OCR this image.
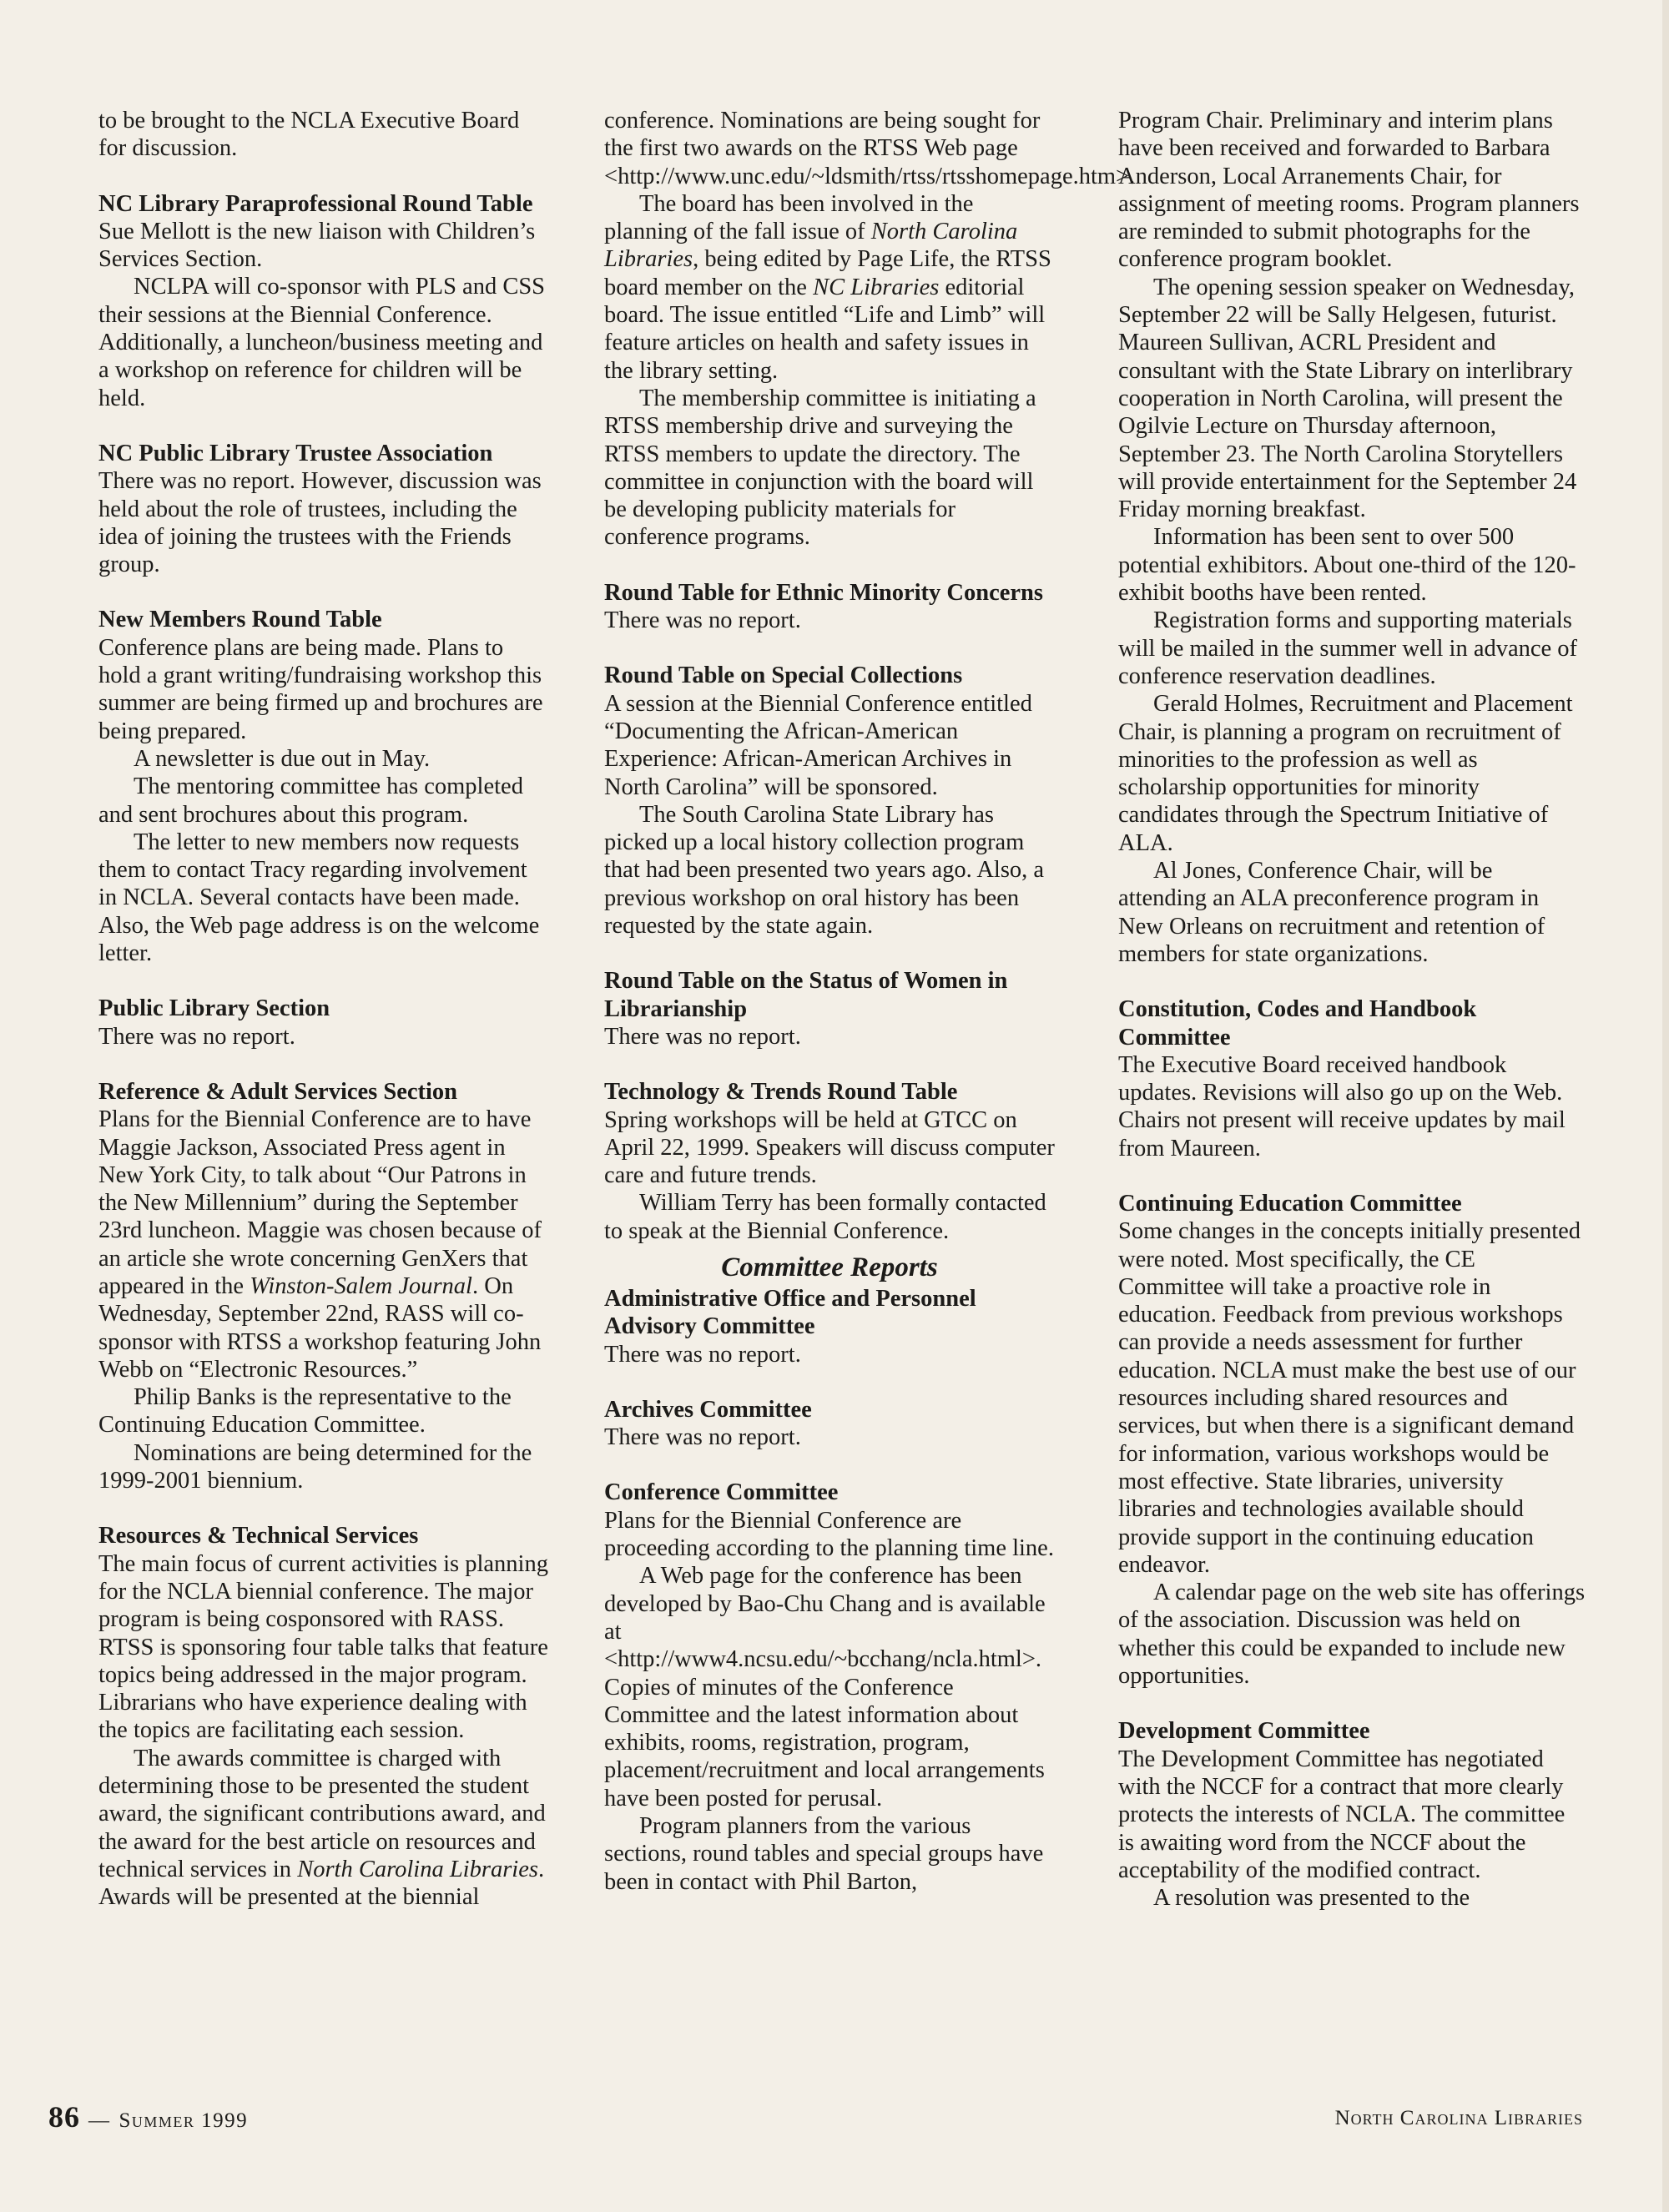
to be brought to the NCLA Executive Board for discussion.

NC Library Paraprofessional Round Table

Sue Mellott is the new liaison with Children’s Services Section.

NCLPA will co-sponsor with PLS and CSS their sessions at the Biennial Conference. Additionally, a luncheon/business meeting and a workshop on reference for children will be held.

NC Public Library Trustee Association

There was no report. However, discussion was held about the role of trustees, including the idea of joining the trustees with the Friends group.

New Members Round Table

Conference plans are being made. Plans to hold a grant writing/fundraising workshop this summer are being firmed up and brochures are being prepared.

A newsletter is due out in May.

The mentoring committee has completed and sent brochures about this program.

The letter to new members now requests them to contact Tracy regarding involvement in NCLA. Several contacts have been made. Also, the Web page address is on the welcome letter.

Public Library Section

There was no report.

Reference & Adult Services Section

Plans for the Biennial Conference are to have Maggie Jackson, Associated Press agent in New York City, to talk about “Our Patrons in the New Millennium” during the September 23rd luncheon. Maggie was chosen because of an article she wrote concerning GenXers that appeared in the Winston-Salem Journal. On Wednesday, September 22nd, RASS will co-sponsor with RTSS a workshop featuring John Webb on “Electronic Resources.”

Philip Banks is the representative to the Continuing Education Committee.

Nominations are being determined for the 1999-2001 biennium.

Resources & Technical Services

The main focus of current activities is planning for the NCLA biennial conference. The major program is being cosponsored with RASS. RTSS is sponsoring four table talks that feature topics being addressed in the major program. Librarians who have experience dealing with the topics are facilitating each session.

The awards committee is charged with determining those to be presented the student award, the significant contributions award, and the award for the best article on resources and technical services in North Carolina Libraries. Awards will be presented at the biennial

conference. Nominations are being sought for the first two awards on the RTSS Web page <http://www.unc.edu/~ldsmith/rtss/rtsshomepage.htm>.

The board has been involved in the planning of the fall issue of North Carolina Libraries, being edited by Page Life, the RTSS board member on the NC Libraries editorial board. The issue entitled “Life and Limb” will feature articles on health and safety issues in the library setting.

The membership committee is initiating a RTSS membership drive and surveying the RTSS members to update the directory. The committee in conjunction with the board will be developing publicity materials for conference programs.

Round Table for Ethnic Minority Concerns

There was no report.

Round Table on Special Collections

A session at the Biennial Conference entitled “Documenting the African-American Experience: African-American Archives in North Carolina” will be sponsored.

The South Carolina State Library has picked up a local history collection program that had been presented two years ago. Also, a previous workshop on oral history has been requested by the state again.

Round Table on the Status of Women in Librarianship

There was no report.

Technology & Trends Round Table

Spring workshops will be held at GTCC on April 22, 1999. Speakers will discuss computer care and future trends.

William Terry has been formally contacted to speak at the Biennial Conference.

Committee Reports
Administrative Office and Personnel Advisory Committee

There was no report.

Archives Committee

There was no report.

Conference Committee

Plans for the Biennial Conference are proceeding according to the planning time line.

A Web page for the conference has been developed by Bao-Chu Chang and is available at <http://www4.ncsu.edu/~bcchang/ncla.html>. Copies of minutes of the Conference Committee and the latest information about exhibits, rooms, registration, program, placement/recruitment and local arrangements have been posted for perusal.

Program planners from the various sections, round tables and special groups have been in contact with Phil Barton,

Program Chair. Preliminary and interim plans have been received and forwarded to Barbara Anderson, Local Arranements Chair, for assignment of meeting rooms. Program planners are reminded to submit photographs for the conference program booklet.

The opening session speaker on Wednesday, September 22 will be Sally Helgesen, futurist. Maureen Sullivan, ACRL President and consultant with the State Library on interlibrary cooperation in North Carolina, will present the Ogilvie Lecture on Thursday afternoon, September 23. The North Carolina Storytellers will provide entertainment for the September 24 Friday morning breakfast.

Information has been sent to over 500 potential exhibitors. About one-third of the 120-exhibit booths have been rented.

Registration forms and supporting materials will be mailed in the summer well in advance of conference reservation deadlines.

Gerald Holmes, Recruitment and Placement Chair, is planning a program on recruitment of minorities to the profession as well as scholarship opportunities for minority candidates through the Spectrum Initiative of ALA.

Al Jones, Conference Chair, will be attending an ALA preconference program in New Orleans on recruitment and retention of members for state organizations.

Constitution, Codes and Handbook Committee

The Executive Board received handbook updates. Revisions will also go up on the Web. Chairs not present will receive updates by mail from Maureen.

Continuing Education Committee

Some changes in the concepts initially presented were noted. Most specifically, the CE Committee will take a proactive role in education. Feedback from previous workshops can provide a needs assessment for further education. NCLA must make the best use of our resources including shared resources and services, but when there is a significant demand for information, various workshops would be most effective. State libraries, university libraries and technologies available should provide support in the continuing education endeavor.

A calendar page on the web site has offerings of the association. Discussion was held on whether this could be expanded to include new opportunities.

Development Committee

The Development Committee has negotiated with the NCCF for a contract that more clearly protects the interests of NCLA. The committee is awaiting word from the NCCF about the acceptability of the modified contract.

A resolution was presented to the

86 — Summer 1999	North Carolina Libraries
